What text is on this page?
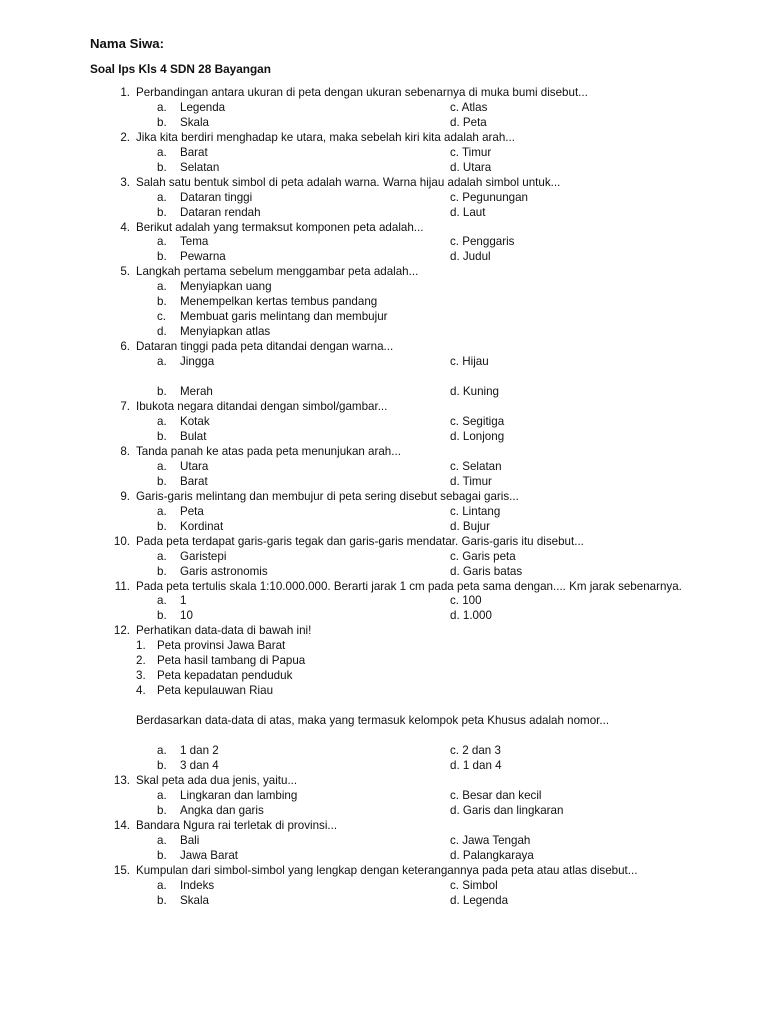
Nama Siwa:
Soal Ips Kls 4 SDN 28 Bayangan
1. Perbandingan antara ukuran di peta dengan ukuran sebenarnya di muka bumi disebut...
a.	Legenda	c. Atlas
b.	Skala	d. Peta
2. Jika kita berdiri menghadap ke utara, maka sebelah kiri kita adalah arah...
a.	Barat	c. Timur
b.	Selatan	d. Utara
3. Salah satu bentuk simbol di peta adalah warna. Warna hijau adalah simbol untuk...
a.	Dataran tinggi	c. Pegunungan
b.	Dataran rendah	d. Laut
4. Berikut adalah yang termaksut komponen peta adalah...
a.	Tema	c. Penggaris
b.	Pewarna	d. Judul
5. Langkah pertama sebelum menggambar peta adalah...
a.	Menyiapkan uang
b.	Menempelkan kertas tembus pandang
c.	Membuat garis melintang dan membujur
d.	Menyiapkan atlas
6. Dataran tinggi pada peta ditandai dengan warna...
a.	Jingga	c. Hijau
b.	Merah	d. Kuning
7. Ibukota negara ditandai dengan simbol/gambar...
a.	Kotak	c. Segitiga
b.	Bulat	d. Lonjong
8. Tanda panah ke atas pada peta menunjukan arah...
a.	Utara	c. Selatan
b.	Barat	d. Timur
9. Garis-garis melintang dan membujur di peta sering disebut sebagai garis...
a.	Peta	c. Lintang
b.	Kordinat	d. Bujur
10. Pada peta terdapat garis-garis tegak dan garis-garis mendatar. Garis-garis itu disebut...
a.	Garistepi	c. Garis peta
b.	Garis astronomis	d. Garis batas
11. Pada peta tertulis skala 1:10.000.000. Berarti jarak 1 cm pada peta sama dengan.... Km jarak sebenarnya.
a.	1	c. 100
b.	10	d. 1.000
12. Perhatikan data-data di bawah ini!
1. Peta provinsi Jawa Barat
2. Peta hasil tambang di Papua
3. Peta kepadatan penduduk
4. Peta kepulauwan Riau
Berdasarkan data-data di atas, maka yang termasuk kelompok peta Khusus adalah nomor...
a.	1 dan 2	c. 2 dan 3
b.	3 dan 4	d. 1 dan 4
13. Skal peta ada dua jenis, yaitu...
a.	Lingkaran dan lambing	c. Besar dan kecil
b.	Angka dan garis	d. Garis dan lingkaran
14. Bandara Ngura rai terletak di provinsi...
a.	Bali	c. Jawa Tengah
b.	Jawa Barat	d. Palangkaraya
15. Kumpulan dari simbol-simbol yang lengkap dengan keterangannya pada peta atau atlas disebut...
a.	Indeks	c. Simbol
b.	Skala	d. Legenda
